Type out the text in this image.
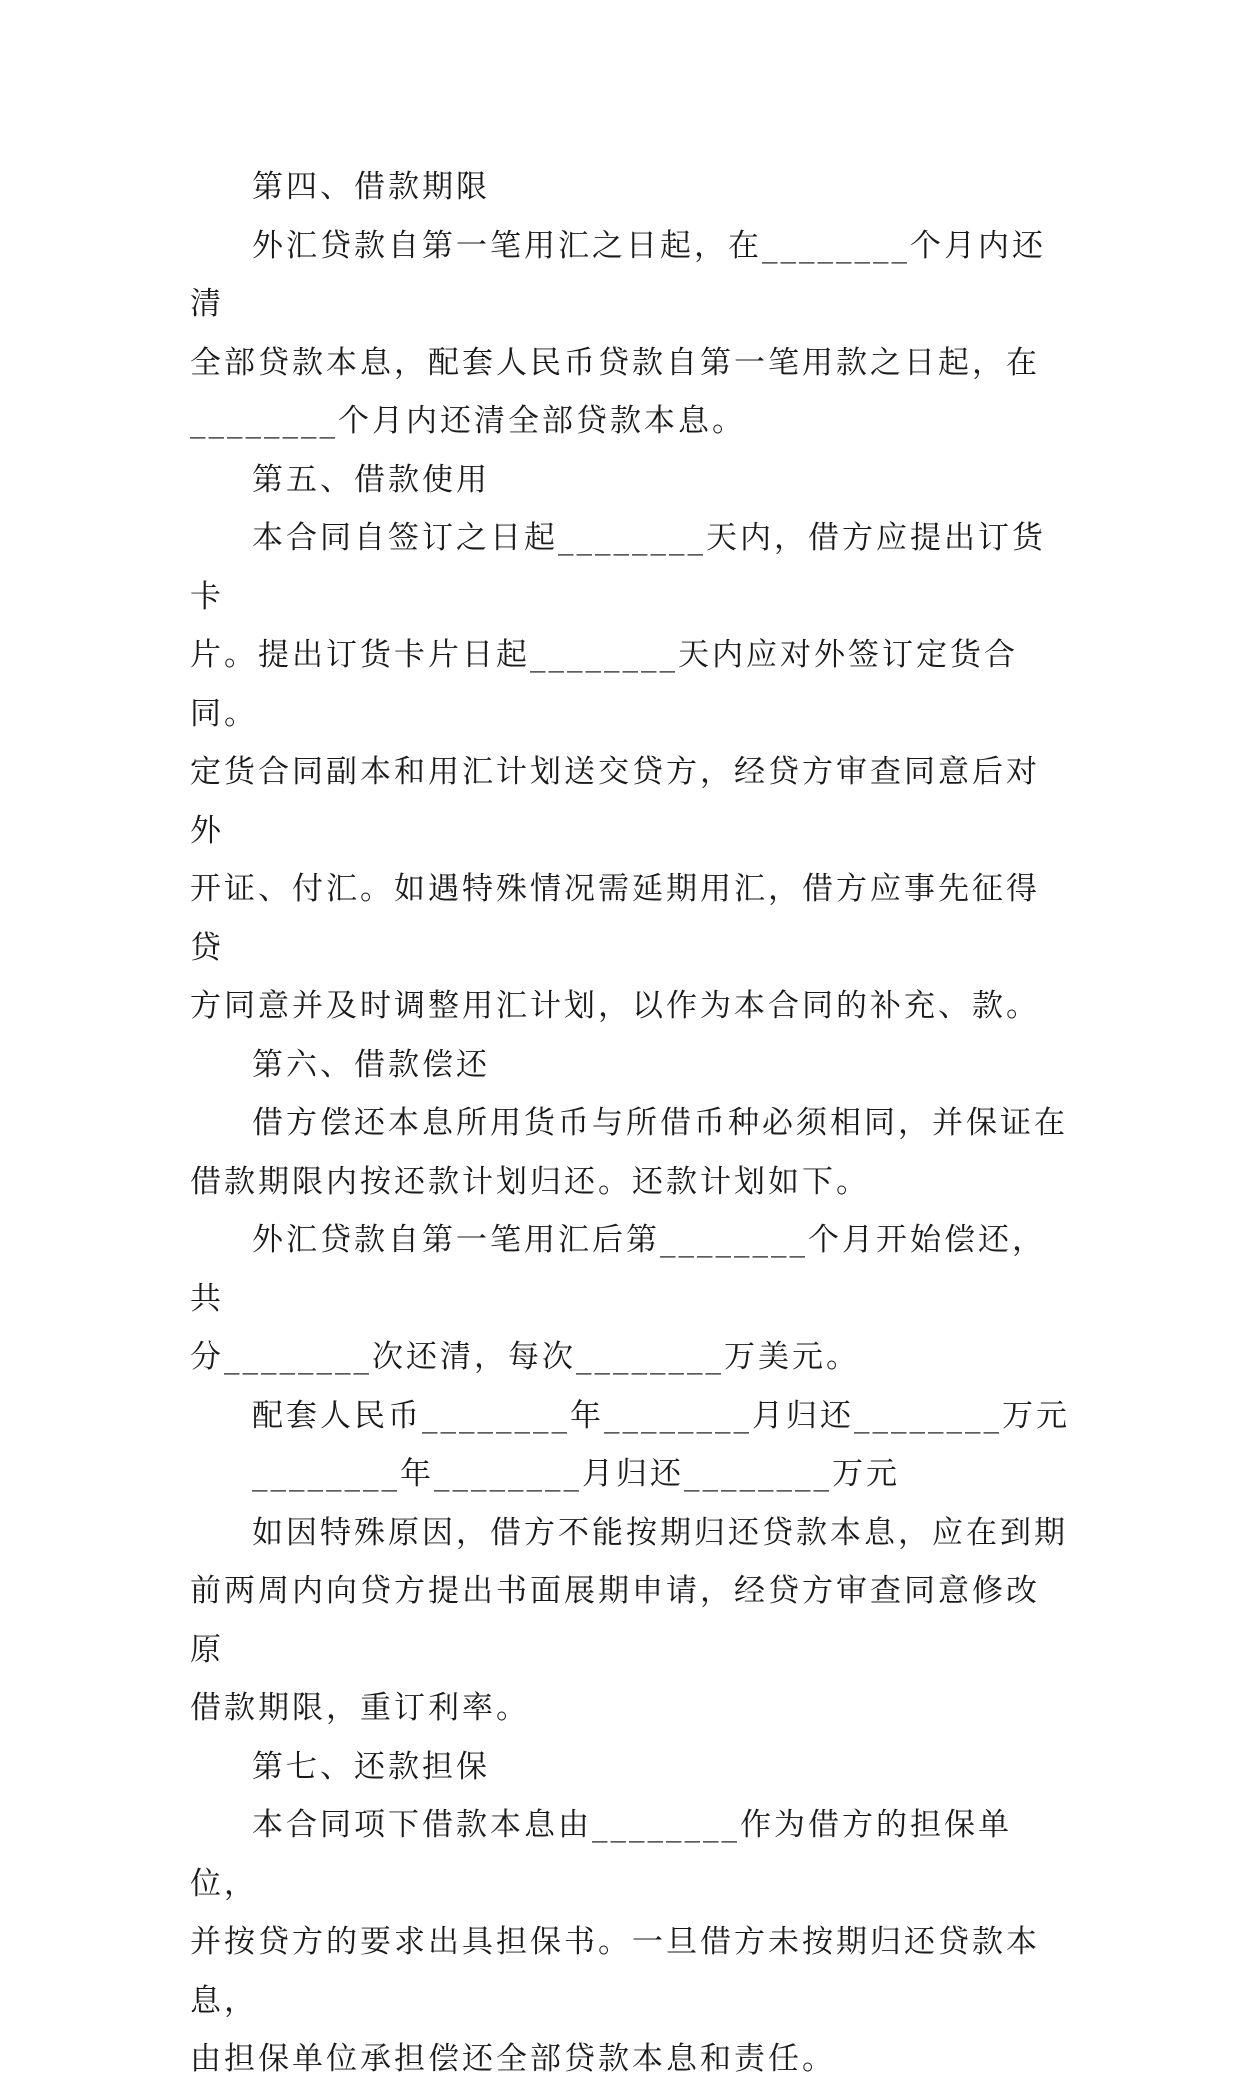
第四、借款期限

外汇贷款自第一笔用汇之日起，在________个月内还清

全部贷款本息，配套人民币贷款自第一笔用款之日起，在

________个月内还清全部贷款本息。

第五、借款使用

本合同自签订之日起________天内，借方应提出订货卡

片。提出订货卡片日起________天内应对外签订定货合同。

定货合同副本和用汇计划送交贷方，经贷方审查同意后对外

开证、付汇。如遇特殊情况需延期用汇，借方应事先征得贷

方同意并及时调整用汇计划，以作为本合同的补充、款。

第六、借款偿还

借方偿还本息所用货币与所借币种必须相同，并保证在

借款期限内按还款计划归还。还款计划如下。

外汇贷款自第一笔用汇后第________个月开始偿还，共

分________次还清，每次________万美元。

配套人民币________年________月归还________万元

________年________月归还________万元

如因特殊原因，借方不能按期归还贷款本息，应在到期

前两周内向贷方提出书面展期申请，经贷方审查同意修改原

借款期限，重订利率。

第七、还款担保

本合同项下借款本息由________作为借方的担保单位，

并按贷方的要求出具担保书。一旦借方未按期归还贷款本息，

由担保单位承担偿还全部贷款本息和责任。
